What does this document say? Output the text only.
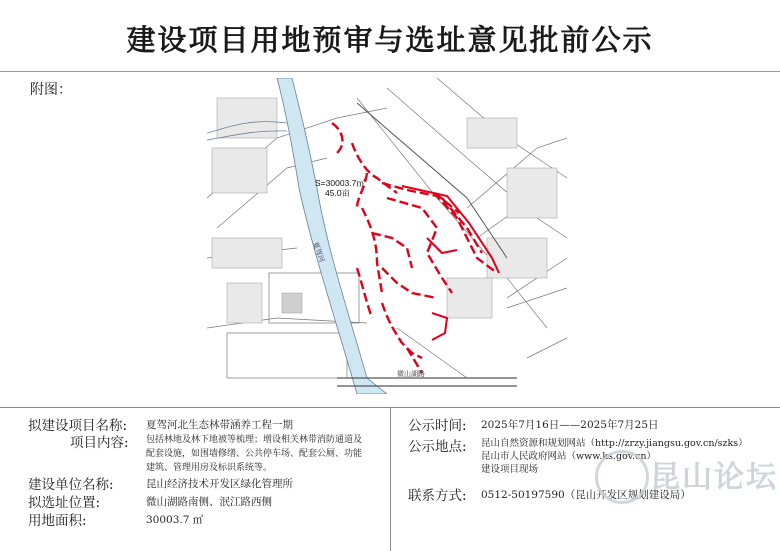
建设项目用地预审与选址意见批前公示
附图：
S=30003.7㎡
45.0亩
夏驾河
微山湖路
拟建设项目名称: 夏驾河北生态林带涵养工程一期
项目内容: 包括林地及林下地被等梳理；增设相关林带消防通道及
配套设施，如围墙修缮、公共停车场、配套公厕、功能
建筑、管理用房及标识系统等。
建设单位名称:	昆山经济技术开发区绿化管理所
拟选址位置:	微山湖路南侧、泯江路西侧
用地面积:	30003.7 ㎡
公示时间: 2025年7月16日——2025年7月25日
公示地点: 昆山自然资源和规划网站（http://zrzy.jiangsu.gov.cn/szks）
昆山市人民政府网站（www.ks.gov.cn）
建设项目现场
联系方式: 0512-50197590（昆山开发区规划建设局）
昆山论坛
